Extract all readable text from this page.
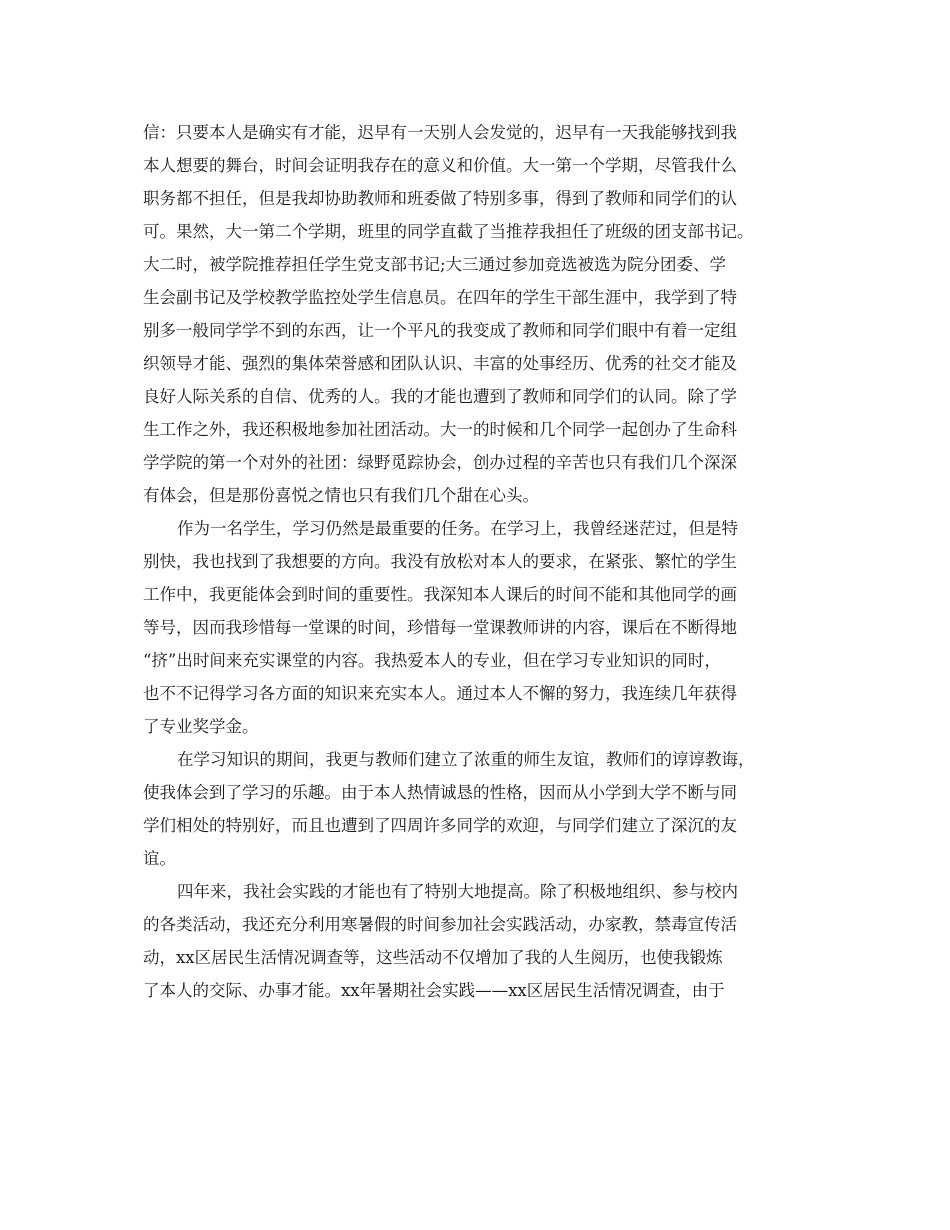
信：只要本人是确实有才能，迟早有一天别人会发觉的，迟早有一天我能够找到我
本人想要的舞台，时间会证明我存在的意义和价值。大一第一个学期，尽管我什么
职务都不担任，但是我却协助教师和班委做了特别多事，得到了教师和同学们的认
可。果然，大一第二个学期，班里的同学直截了当推荐我担任了班级的团支部书记。
大二时，被学院推荐担任学生党支部书记;大三通过参加竞选被选为院分团委、学
生会副书记及学校教学监控处学生信息员。在四年的学生干部生涯中，我学到了特
别多一般同学学不到的东西，让一个平凡的我变成了教师和同学们眼中有着一定组
织领导才能、强烈的集体荣誉感和团队认识、丰富的处事经历、优秀的社交才能及
良好人际关系的自信、优秀的人。我的才能也遭到了教师和同学们的认同。除了学
生工作之外，我还积极地参加社团活动。大一的时候和几个同学一起创办了生命科
学学院的第一个对外的社团：绿野觅踪协会，创办过程的辛苦也只有我们几个深深
有体会，但是那份喜悦之情也只有我们几个甜在心头。
作为一名学生，学习仍然是最重要的任务。在学习上，我曾经迷茫过，但是特
别快，我也找到了我想要的方向。我没有放松对本人的要求，在紧张、繁忙的学生
工作中，我更能体会到时间的重要性。我深知本人课后的时间不能和其他同学的画
等号，因而我珍惜每一堂课的时间，珍惜每一堂课教师讲的内容，课后在不断得地
“挤”出时间来充实课堂的内容。我热爱本人的专业，但在学习专业知识的同时，
也不不记得学习各方面的知识来充实本人。通过本人不懈的努力，我连续几年获得
了专业奖学金。
在学习知识的期间，我更与教师们建立了浓重的师生友谊，教师们的谆谆教诲，
使我体会到了学习的乐趣。由于本人热情诚恳的性格，因而从小学到大学不断与同
学们相处的特别好，而且也遭到了四周许多同学的欢迎，与同学们建立了深沉的友
谊。
四年来，我社会实践的才能也有了特别大地提高。除了积极地组织、参与校内
的各类活动，我还充分利用寒暑假的时间参加社会实践活动，办家教，禁毒宣传活
动，xx区居民生活情况调查等，这些活动不仅增加了我的人生阅历，也使我锻炼
了本人的交际、办事才能。xx年暑期社会实践——xx区居民生活情况调查，由于
